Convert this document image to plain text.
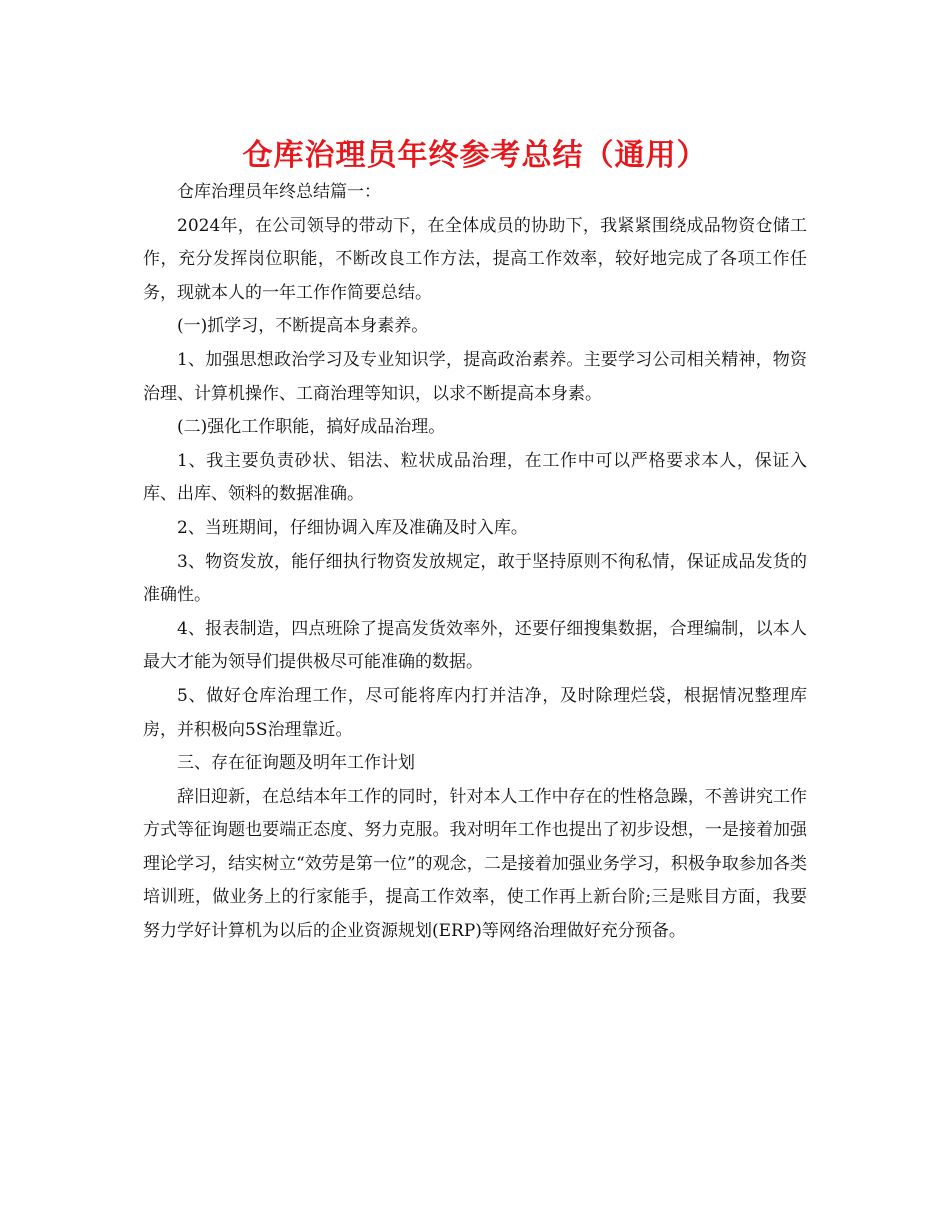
仓库治理员年终参考总结（通用）

仓库治理员年终总结篇一：

2024年，在公司领导的带动下，在全体成员的协助下，我紧紧围绕成品物资仓储工作，充分发挥岗位职能，不断改良工作方法，提高工作效率，较好地完成了各项工作任务，现就本人的一年工作作简要总结。

(一)抓学习，不断提高本身素养。

1、加强思想政治学习及专业知识学，提高政治素养。主要学习公司相关精神，物资治理、计算机操作、工商治理等知识，以求不断提高本身素。

(二)强化工作职能，搞好成品治理。

1、我主要负责砂状、铝法、粒状成品治理，在工作中可以严格要求本人，保证入库、出库、领料的数据准确。

2、当班期间，仔细协调入库及准确及时入库。

3、物资发放，能仔细执行物资发放规定，敢于坚持原则不徇私情，保证成品发货的准确性。

4、报表制造，四点班除了提高发货效率外，还要仔细搜集数据，合理编制，以本人最大才能为领导们提供极尽可能准确的数据。

5、做好仓库治理工作，尽可能将库内打并洁净，及时除理烂袋，根据情况整理库房，并积极向5S治理靠近。

三、存在征询题及明年工作计划

辞旧迎新，在总结本年工作的同时，针对本人工作中存在的性格急躁，不善讲究工作方式等征询题也要端正态度、努力克服。我对明年工作也提出了初步设想，一是接着加强理论学习，结实树立“效劳是第一位”的观念，二是接着加强业务学习，积极争取参加各类培训班，做业务上的行家能手，提高工作效率，使工作再上新台阶;三是账目方面，我要努力学好计算机为以后的企业资源规划(ERP)等网络治理做好充分预备。
